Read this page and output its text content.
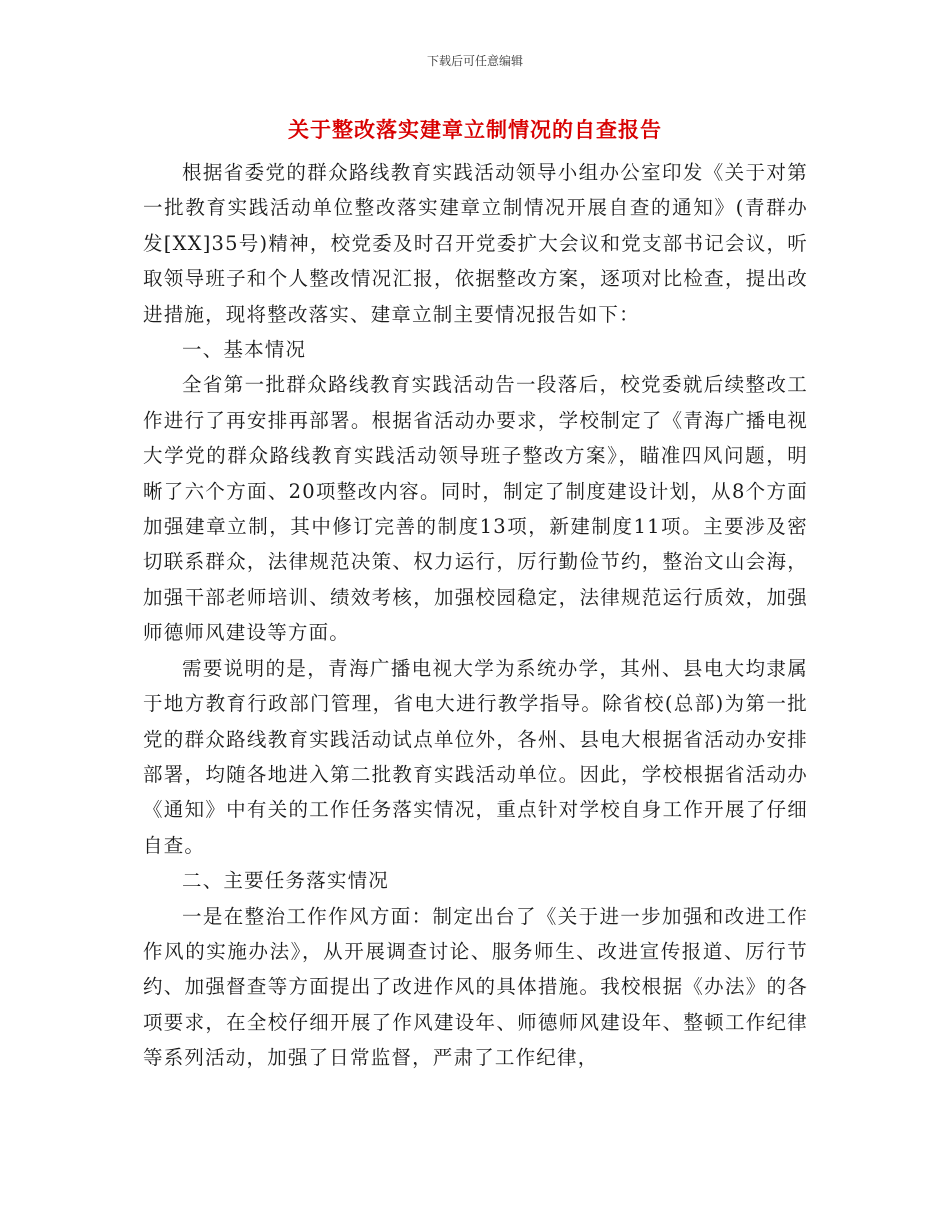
下载后可任意编辑
关于整改落实建章立制情况的自查报告

根据省委党的群众路线教育实践活动领导小组办公室印发《关于对第一批教育实践活动单位整改落实建章立制情况开展自查的通知》(青群办发[XX]35号)精神，校党委及时召开党委扩大会议和党支部书记会议，听取领导班子和个人整改情况汇报，依据整改方案，逐项对比检查，提出改进措施，现将整改落实、建章立制主要情况报告如下：

一、基本情况

全省第一批群众路线教育实践活动告一段落后，校党委就后续整改工作进行了再安排再部署。根据省活动办要求，学校制定了《青海广播电视大学党的群众路线教育实践活动领导班子整改方案》，瞄准四风问题，明晰了六个方面、20项整改内容。同时，制定了制度建设计划，从8个方面加强建章立制，其中修订完善的制度13项，新建制度11项。主要涉及密切联系群众，法律规范决策、权力运行，厉行勤俭节约，整治文山会海，加强干部老师培训、绩效考核，加强校园稳定，法律规范运行质效，加强师德师风建设等方面。

需要说明的是，青海广播电视大学为系统办学，其州、县电大均隶属于地方教育行政部门管理，省电大进行教学指导。除省校(总部)为第一批党的群众路线教育实践活动试点单位外，各州、县电大根据省活动办安排部署，均随各地进入第二批教育实践活动单位。因此，学校根据省活动办《通知》中有关的工作任务落实情况，重点针对学校自身工作开展了仔细自查。

二、主要任务落实情况

一是在整治工作作风方面：制定出台了《关于进一步加强和改进工作作风的实施办法》，从开展调查讨论、服务师生、改进宣传报道、厉行节约、加强督查等方面提出了改进作风的具体措施。我校根据《办法》的各项要求，在全校仔细开展了作风建设年、师德师风建设年、整顿工作纪律等系列活动，加强了日常监督，严肃了工作纪律，
